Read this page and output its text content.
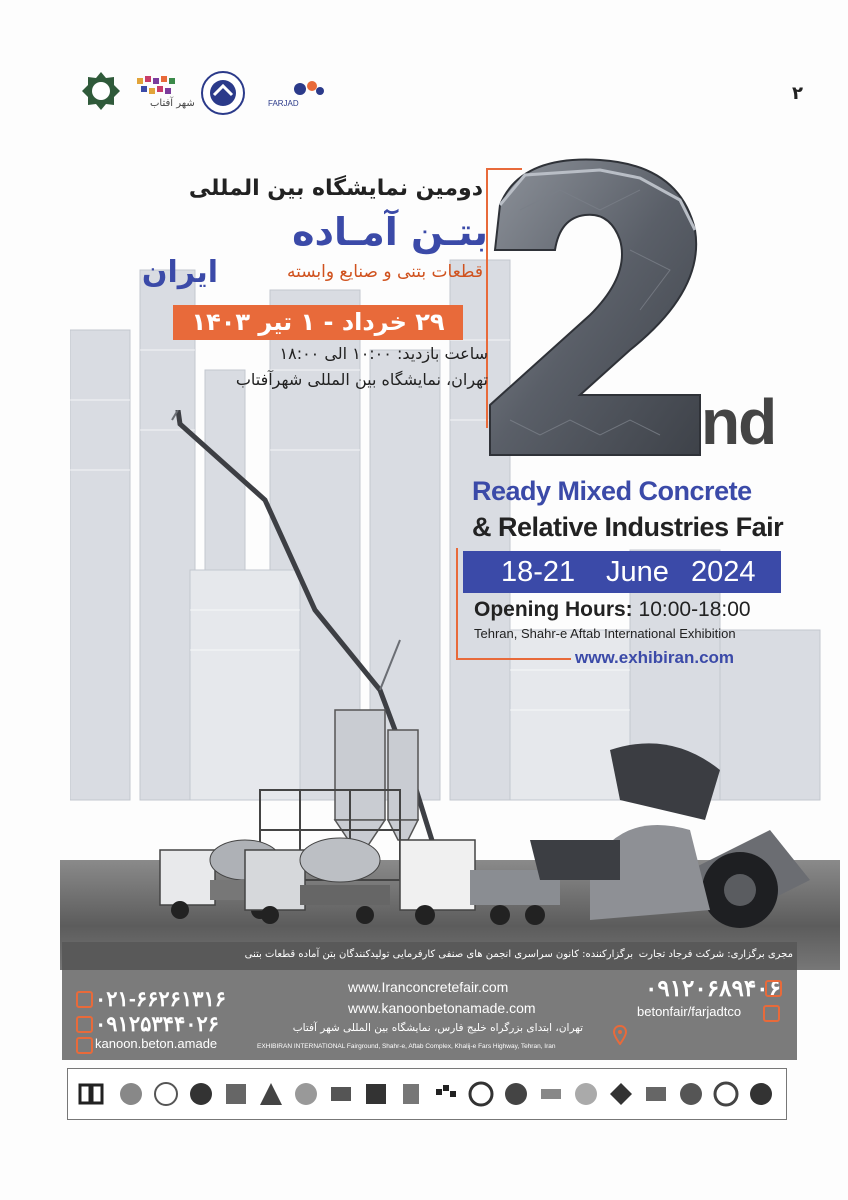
شهر آفتاب	FARJAD	۲
دومین نمایشگاه بین المللی
بتـن آمـاده
قطعات بتنی و صنایع وابسته
ایران
۲۹ خرداد - ۱ تیر ۱۴۰۳
ساعت بازدید: ۱۰:۰۰ الی ۱۸:۰۰
تهران، نمایشگاه بین المللی شهرآفتاب
nd
Ready Mixed Concrete
& Relative Industries Fair
18-21 June 2024
Opening Hours: 10:00-18:00
Tehran, Shahr-e Aftab International Exhibition
www.exhibiran.com
برگزارکننده: کانون سراسری انجمن های صنفی کارفرمایی تولیدکنندگان بتن آماده قطعات بتنی مجری برگزاری: شرکت فرجاد تجارت
۰۲۱-۶۶۲۶۱۳۱۶
۰۹۱۲۵۳۴۴۰۲۶
kanoon.beton.amade
www.Iranconcretefair.com
www.kanoonbetonamade.com
تهران، ابتدای بزرگراه خلیج فارس، نمایشگاه بین المللی شهر آفتاب
EXHIBIRAN INTERNATIONAL Fairground, Shahr-e, Aftab Complex, Khalij-e Fars Highway, Tehran, Iran
۰۹۱۲۰۶۸۹۴۰۶
betonfair/farjadtco
